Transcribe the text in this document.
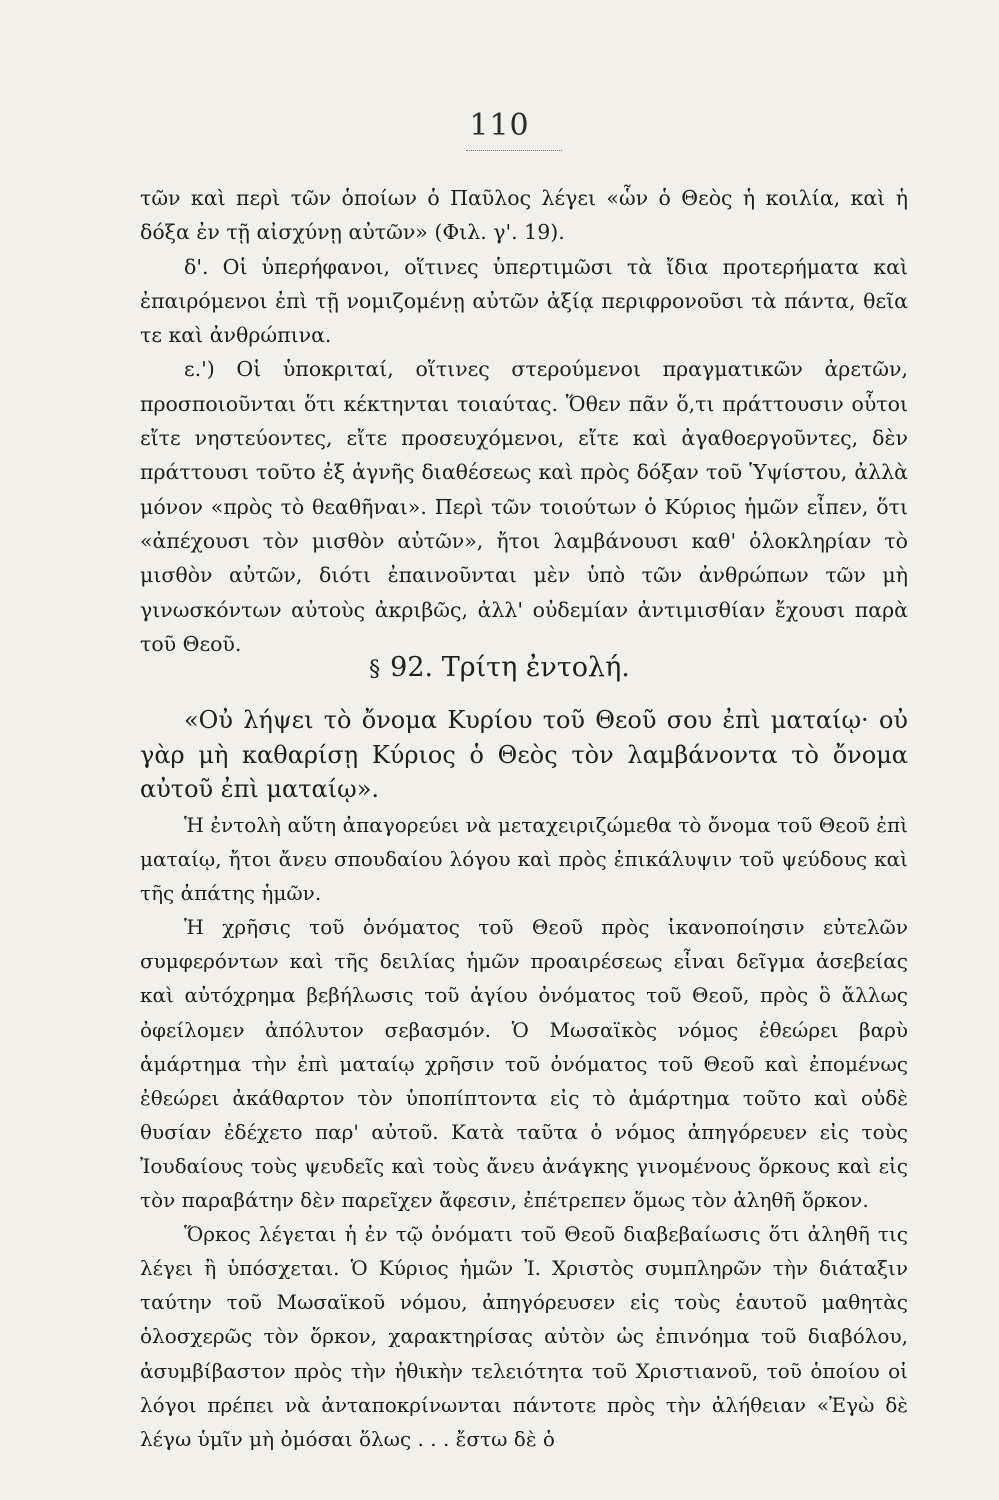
110

τῶν καὶ περὶ τῶν ὁποίων ὁ Παῦλος λέγει «ὧν ὁ Θεὸς ἡ κοιλία, καὶ ἡ δόξα ἐν τῇ αἰσχύνῃ αὐτῶν» (Φιλ. γ'. 19).

δ'. Οἱ ὑπερήφανοι, οἵτινες ὑπερτιμῶσι τὰ ἴδια προτερήματα καὶ ἐπαιρόμενοι ἐπὶ τῇ νομιζομένῃ αὐτῶν ἀξίᾳ περιφρονοῦσι τὰ πάντα, θεῖα τε καὶ ἀνθρώπινα.

ε.') Οἱ ὑποκριταί, οἵτινες στερούμενοι πραγματικῶν ἀρετῶν, προσποιοῦνται ὅτι κέκτηνται τοιαύτας. Ὅθεν πᾶν ὅ,τι πράττουσιν οὗτοι εἴτε νηστεύοντες, εἴτε προσευχόμενοι, εἴτε καὶ ἀγαθοεργοῦντες, δὲν πράττουσι τοῦτο ἐξ ἁγνῆς διαθέσεως καὶ πρὸς δόξαν τοῦ Ὑψίστου, ἀλλὰ μόνον «πρὸς τὸ θεαθῆναι». Περὶ τῶν τοιούτων ὁ Κύριος ἡμῶν εἶπεν, ὅτι «ἀπέχουσι τὸν μισθὸν αὐτῶν», ἤτοι λαμβάνουσι καθ' ὁλοκληρίαν τὸ μισθὸν αὐτῶν, διότι ἐπαινοῦνται μὲν ὑπὸ τῶν ἀνθρώπων τῶν μὴ γινωσκόντων αὐτοὺς ἀκριβῶς, ἀλλ' οὐδεμίαν ἀντιμισθίαν ἔχουσι παρὰ τοῦ Θεοῦ.

§ 92. Τρίτη ἐντολή.

«Οὐ λήψει τὸ ὄνομα Κυρίου τοῦ Θεοῦ σου ἐπὶ ματαίῳ· οὐ γὰρ μὴ καθαρίσῃ Κύριος ὁ Θεὸς τὸν λαμβάνοντα τὸ ὄνομα αὐτοῦ ἐπὶ ματαίῳ».

Ἡ ἐντολὴ αὕτη ἀπαγορεύει νὰ μεταχειριζώμεθα τὸ ὄνομα τοῦ Θεοῦ ἐπὶ ματαίῳ, ἤτοι ἄνευ σπουδαίου λόγου καὶ πρὸς ἐπικάλυψιν τοῦ ψεύδους καὶ τῆς ἀπάτης ἡμῶν.

Ἡ χρῆσις τοῦ ὀνόματος τοῦ Θεοῦ πρὸς ἱκανοποίησιν εὐτελῶν συμφερόντων καὶ τῆς δειλίας ἡμῶν προαιρέσεως εἶναι δεῖγμα ἀσεβείας καὶ αὐτόχρημα βεβήλωσις τοῦ ἁγίου ὀνόματος τοῦ Θεοῦ, πρὸς ὃ ἄλλως ὀφείλομεν ἀπόλυτον σεβασμόν. Ὁ Μωσαϊκὸς νόμος ἐθεώρει βαρὺ ἁμάρτημα τὴν ἐπὶ ματαίῳ χρῆσιν τοῦ ὀνόματος τοῦ Θεοῦ καὶ ἐπομένως ἐθεώρει ἀκάθαρτον τὸν ὑποπίπτοντα εἰς τὸ ἁμάρτημα τοῦτο καὶ οὐδὲ θυσίαν ἐδέχετο παρ' αὐτοῦ. Κατὰ ταῦτα ὁ νόμος ἀπηγόρευεν εἰς τοὺς Ἰουδαίους τοὺς ψευδεῖς καὶ τοὺς ἄνευ ἀνάγκης γινομένους ὅρκους καὶ εἰς τὸν παραβάτην δὲν παρεῖχεν ἄφεσιν, ἐπέτρεπεν ὅμως τὸν ἀληθῆ ὅρκον.

Ὅρκος λέγεται ἡ ἐν τῷ ὀνόματι τοῦ Θεοῦ διαβεβαίωσις ὅτι ἀληθῆ τις λέγει ἢ ὑπόσχεται. Ὁ Κύριος ἡμῶν Ἰ. Χριστὸς συμπληρῶν τὴν διάταξιν ταύτην τοῦ Μωσαϊκοῦ νόμου, ἀπηγόρευσεν εἰς τοὺς ἑαυτοῦ μαθητὰς ὁλοσχερῶς τὸν ὅρκον, χαρακτηρίσας αὐτὸν ὡς ἐπινόημα τοῦ διαβόλου, ἀσυμβίβαστον πρὸς τὴν ἠθικὴν τελειότητα τοῦ Χριστιανοῦ, τοῦ ὁποίου οἱ λόγοι πρέπει νὰ ἀνταποκρίνωνται πάντοτε πρὸς τὴν ἀλήθειαν «Ἐγὼ δὲ λέγω ὑμῖν μὴ ὀμόσαι ὅλως . . . ἔστω δὲ ὁ
